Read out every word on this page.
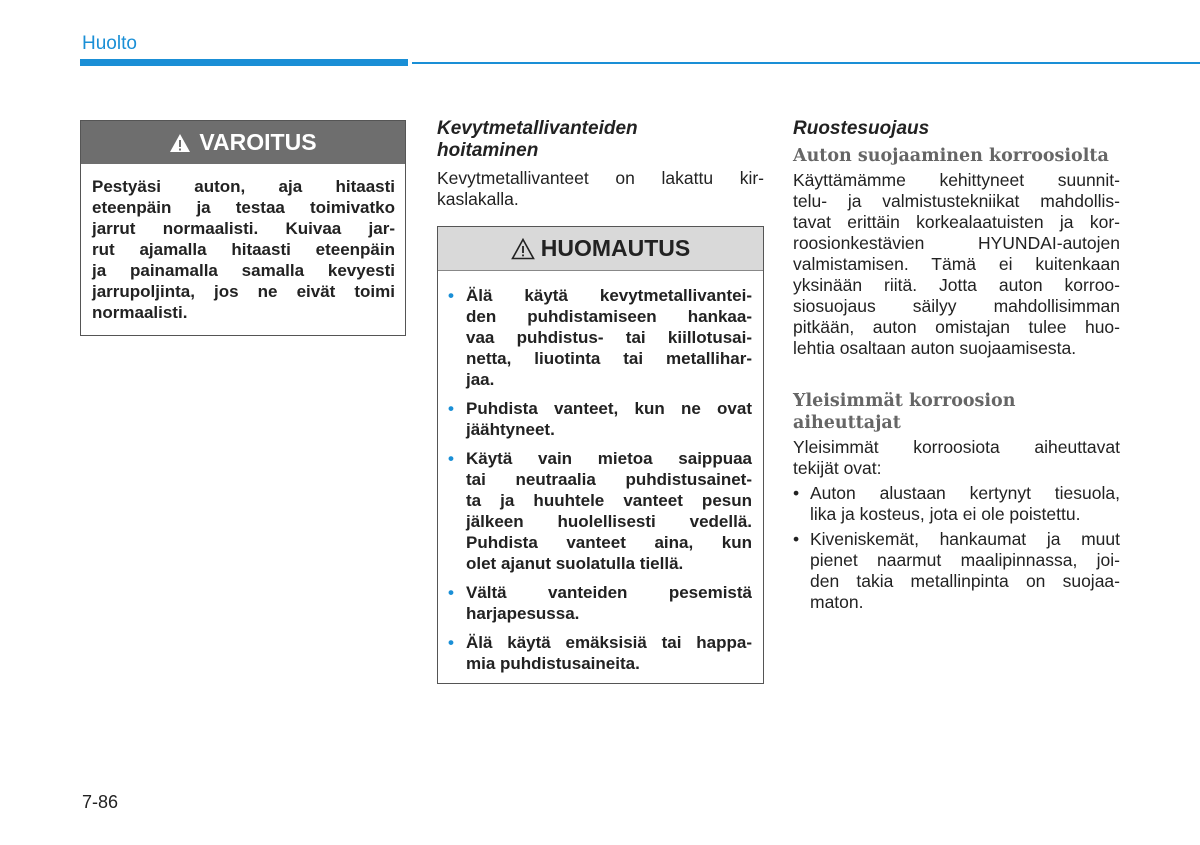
Huolto
VAROITUS
Pestyäsi auton, aja hitaasti
eteenpäin ja testaa toimivatko
jarrut normaalisti. Kuivaa jar-
rut ajamalla hitaasti eteenpäin
ja painamalla samalla kevyesti
jarrupoljinta, jos ne eivät toimi
normaalisti.
Kevytmetallivanteiden
hoitaminen
Kevytmetallivanteet on lakattu kir-
kaslakalla.
HUOMAUTUS
• Älä käytä kevytmetallivantei-
den puhdistamiseen hankaa-
vaa puhdistus- tai kiillotusai-
netta, liuotinta tai metallihar-
jaa.
• Puhdista vanteet, kun ne ovat
jäähtyneet.
• Käytä vain mietoa saippuaa
tai neutraalia puhdistusainet-
ta ja huuhtele vanteet pesun
jälkeen huolellisesti vedellä.
Puhdista vanteet aina, kun
olet ajanut suolatulla tiellä.
• Vältä vanteiden pesemistä
harjapesussa.
• Älä käytä emäksisiä tai happa-
mia puhdistusaineita.
Ruostesuojaus
Auton suojaaminen korroosiolta
Käyttämämme kehittyneet suunnit-
telu- ja valmistustekniikat mahdollis-
tavat erittäin korkealaatuisten ja kor-
roosionkestävien HYUNDAI-autojen
valmistamisen. Tämä ei kuitenkaan
yksinään riitä. Jotta auton korroo-
siosuojaus säilyy mahdollisimman
pitkään, auton omistajan tulee huo-
lehtia osaltaan auton suojaamisesta.
Yleisimmät korroosion aiheuttajat
Yleisimmät korroosiota aiheuttavat
tekijät ovat:
• Auton alustaan kertynyt tiesuola,
lika ja kosteus, jota ei ole poistettu.
• Kiveniskemät, hankaumat ja muut
pienet naarmut maalipinnassa, joi-
den takia metallinpinta on suojaa-
maton.
7-86
